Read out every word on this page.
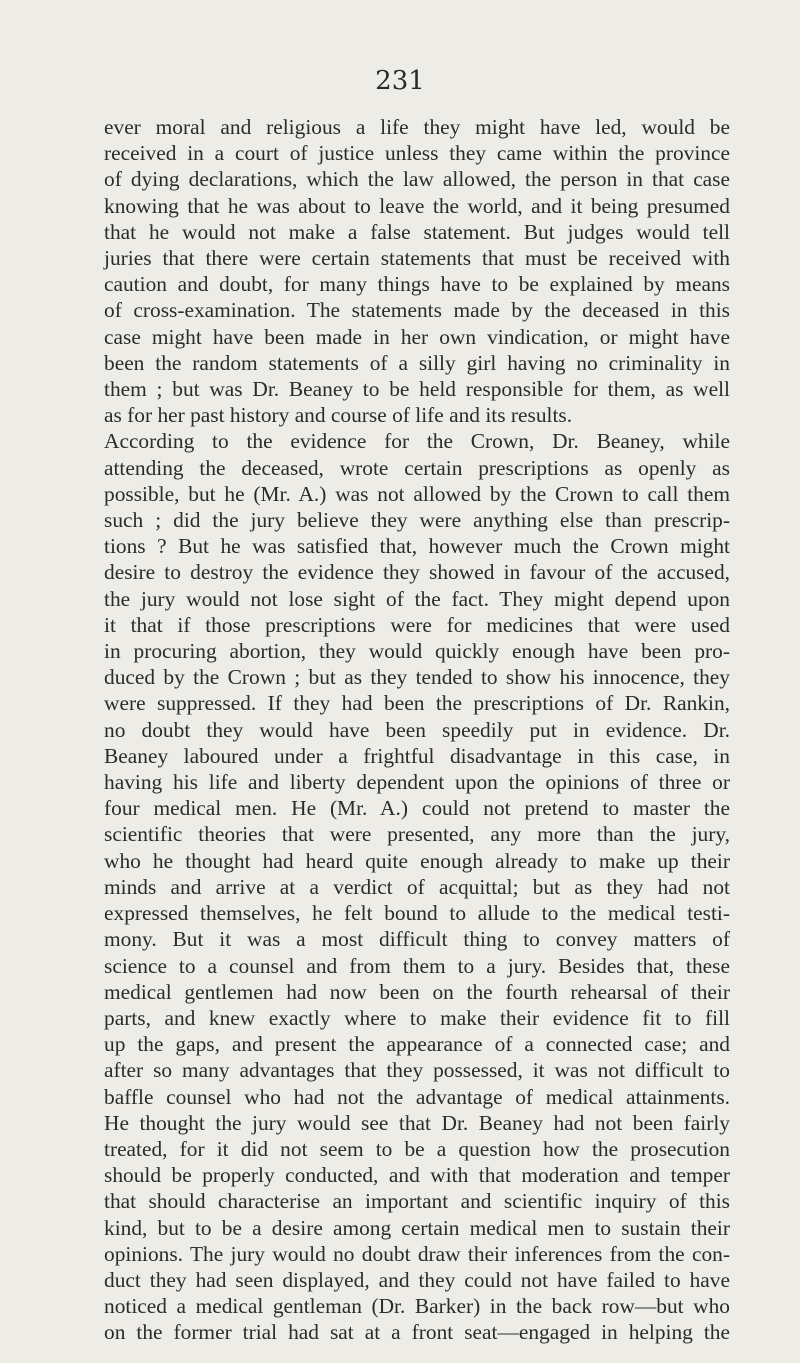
231

ever moral and religious a life they might have led, would be
received in a court of justice unless they came within the province
of dying declarations, which the law allowed, the person in that case
knowing that he was about to leave the world, and it being presumed
that he would not make a false statement. But judges would tell
juries that there were certain statements that must be received with
caution and doubt, for many things have to be explained by means
of cross-examination. The statements made by the deceased in this
case might have been made in her own vindication, or might have
been the random statements of a silly girl having no criminality in
them ; but was Dr. Beaney to be held responsible for them, as well
as for her past history and course of life and its results.
According to the evidence for the Crown, Dr. Beaney, while
attending the deceased, wrote certain prescriptions as openly as
possible, but he (Mr. A.) was not allowed by the Crown to call them
such ; did the jury believe they were anything else than prescrip-
tions ? But he was satisfied that, however much the Crown might
desire to destroy the evidence they showed in favour of the accused,
the jury would not lose sight of the fact. They might depend upon
it that if those prescriptions were for medicines that were used
in procuring abortion, they would quickly enough have been pro-
duced by the Crown ; but as they tended to show his innocence, they
were suppressed. If they had been the prescriptions of Dr. Rankin,
no doubt they would have been speedily put in evidence. Dr.
Beaney laboured under a frightful disadvantage in this case, in
having his life and liberty dependent upon the opinions of three or
four medical men. He (Mr. A.) could not pretend to master the
scientific theories that were presented, any more than the jury,
who he thought had heard quite enough already to make up their
minds and arrive at a verdict of acquittal; but as they had not
expressed themselves, he felt bound to allude to the medical testi-
mony. But it was a most difficult thing to convey matters of
science to a counsel and from them to a jury. Besides that, these
medical gentlemen had now been on the fourth rehearsal of their
parts, and knew exactly where to make their evidence fit to fill
up the gaps, and present the appearance of a connected case; and
after so many advantages that they possessed, it was not difficult to
baffle counsel who had not the advantage of medical attainments.
He thought the jury would see that Dr. Beaney had not been fairly
treated, for it did not seem to be a question how the prosecution
should be properly conducted, and with that moderation and temper
that should characterise an important and scientific inquiry of this
kind, but to be a desire among certain medical men to sustain their
opinions. The jury would no doubt draw their inferences from the con-
duct they had seen displayed, and they could not have failed to have
noticed a medical gentleman (Dr. Barker) in the back row—but who
on the former trial had sat at a front seat—engaged in helping the
